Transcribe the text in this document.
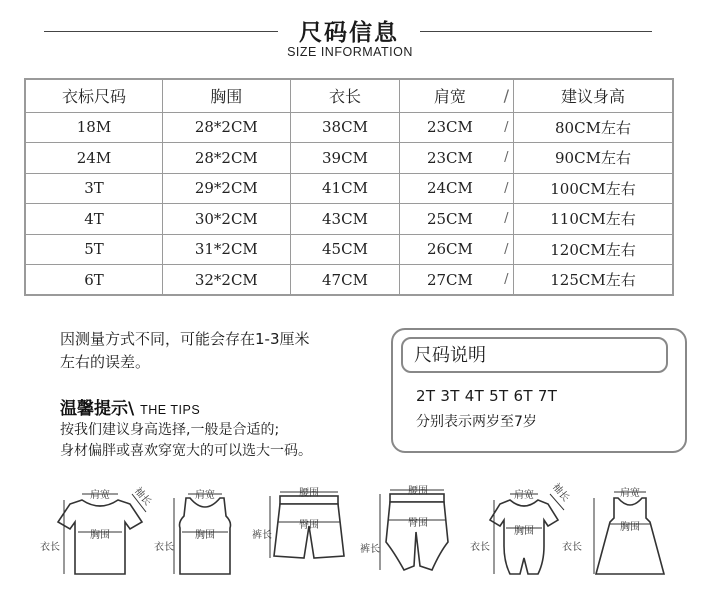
尺码信息
SIZE INFORMATION
衣标尺码	胸围	衣长	肩宽	/	建议身高
18M	28*2CM	38CM	23CM	/	80CM左右
24M	28*2CM	39CM	23CM	/	90CM左右
3T	29*2CM	41CM	24CM	/	100CM左右
4T	30*2CM	43CM	25CM	/	110CM左右
5T	31*2CM	45CM	26CM	/	120CM左右
6T	32*2CM	47CM	27CM	/	125CM左右
因测量方式不同，可能会存在1-3厘米
左右的误差。
温馨提示\ THE TIPS
按我们建议身高选择,一般是合适的;
身材偏胖或喜欢穿宽大的可以选大一码。
尺码说明
2T 3T 4T 5T 6T 7T
分别表示两岁至7岁
肩宽 袖长
胸围
衣长
肩宽
胸围
衣长
腰围
臀围
裤长
腰围
臀围
裤长
肩宽 袖长
胸围
衣长
肩宽
胸围
衣长
